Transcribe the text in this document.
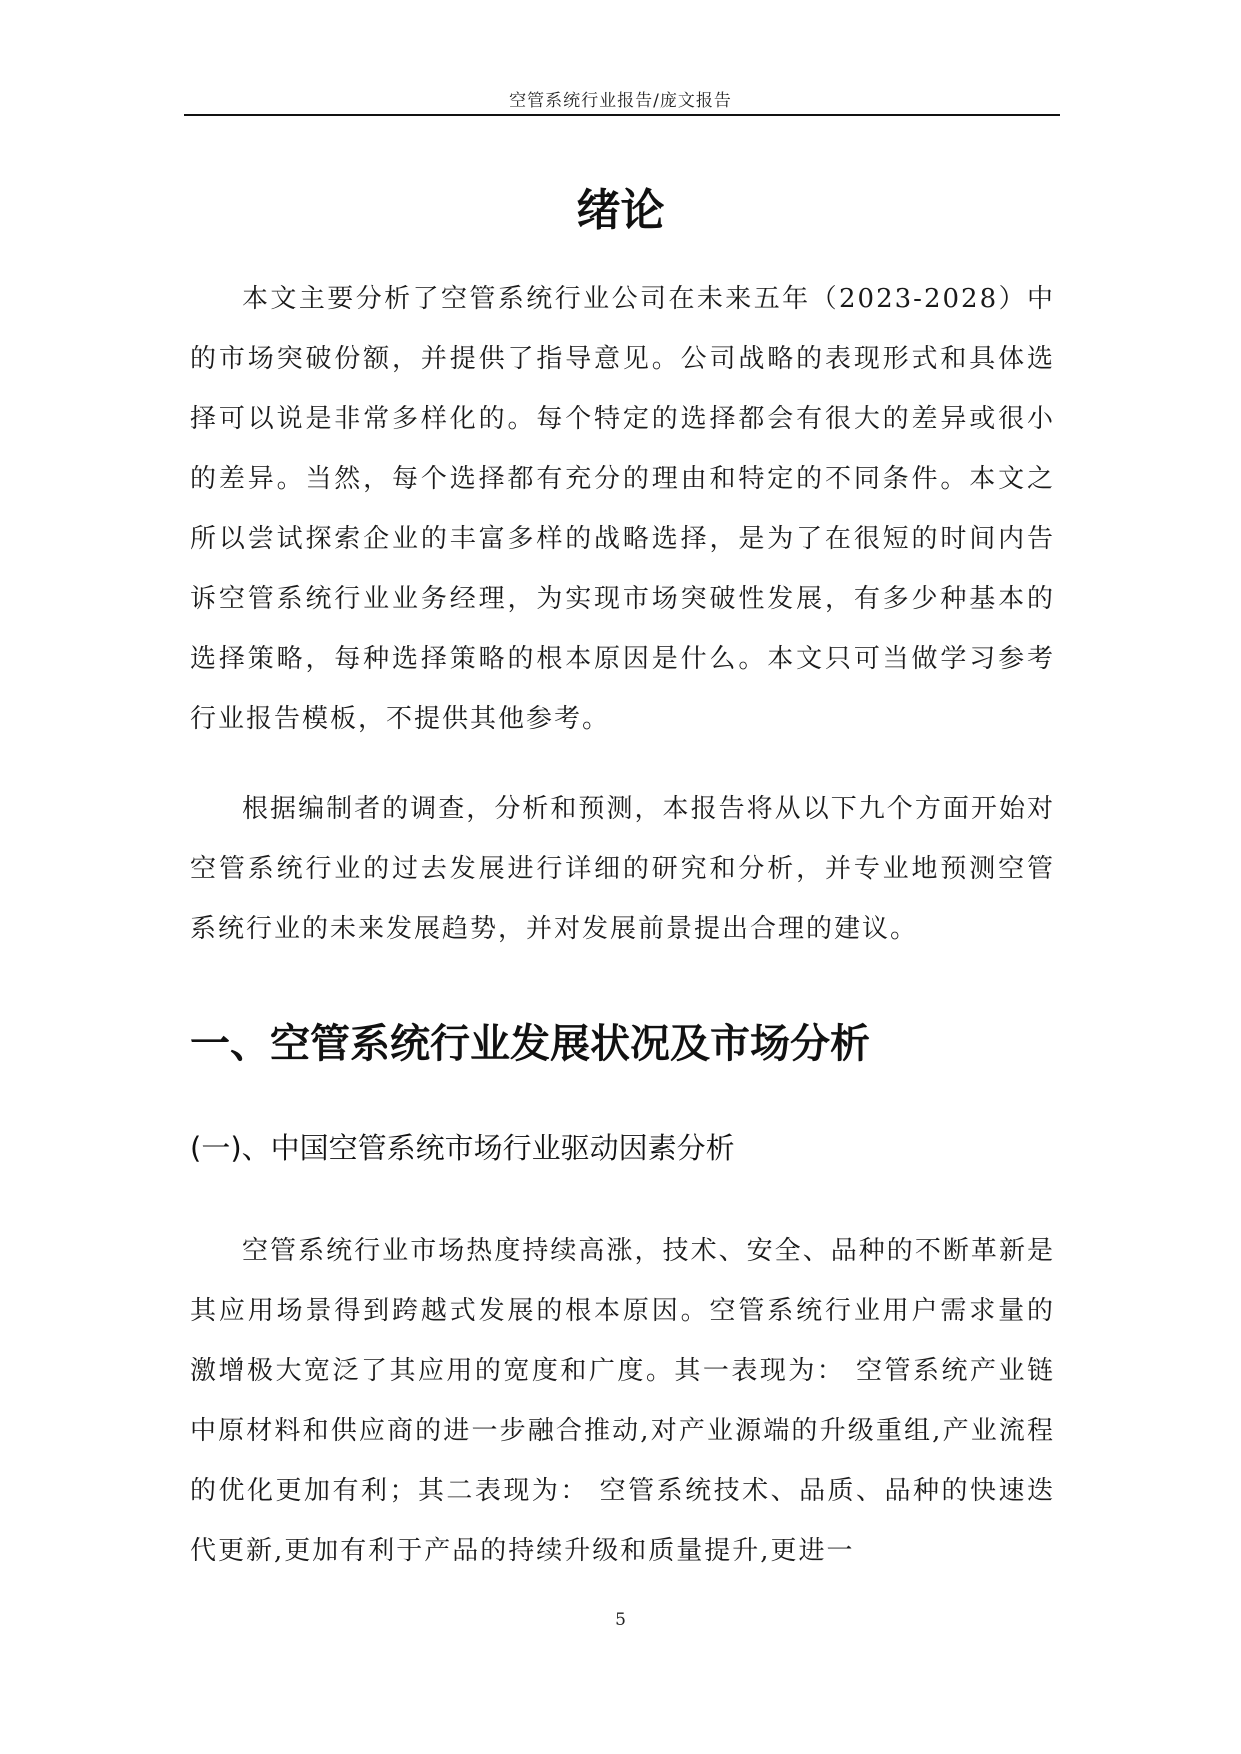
空管系统行业报告/庞文报告
绪论

本文主要分析了空管系统行业公司在未来五年（2023-2028）中的市场突破份额，并提供了指导意见。公司战略的表现形式和具体选择可以说是非常多样化的。每个特定的选择都会有很大的差异或很小的差异。当然，每个选择都有充分的理由和特定的不同条件。本文之所以尝试探索企业的丰富多样的战略选择，是为了在很短的时间内告诉空管系统行业业务经理，为实现市场突破性发展，有多少种基本的选择策略，每种选择策略的根本原因是什么。本文只可当做学习参考行业报告模板，不提供其他参考。

根据编制者的调查，分析和预测，本报告将从以下九个方面开始对空管系统行业的过去发展进行详细的研究和分析，并专业地预测空管系统行业的未来发展趋势，并对发展前景提出合理的建议。

一、空管系统行业发展状况及市场分析
(一)、中国空管系统市场行业驱动因素分析

空管系统行业市场热度持续高涨，技术、安全、品种的不断革新是其应用场景得到跨越式发展的根本原因。空管系统行业用户需求量的激增极大宽泛了其应用的宽度和广度。其一表现为： 空管系统产业链中原材料和供应商的进一步融合推动,对产业源端的升级重组,产业流程的优化更加有利；其二表现为： 空管系统技术、品质、品种的快速迭代更新,更加有利于产品的持续升级和质量提升,更进一

5
